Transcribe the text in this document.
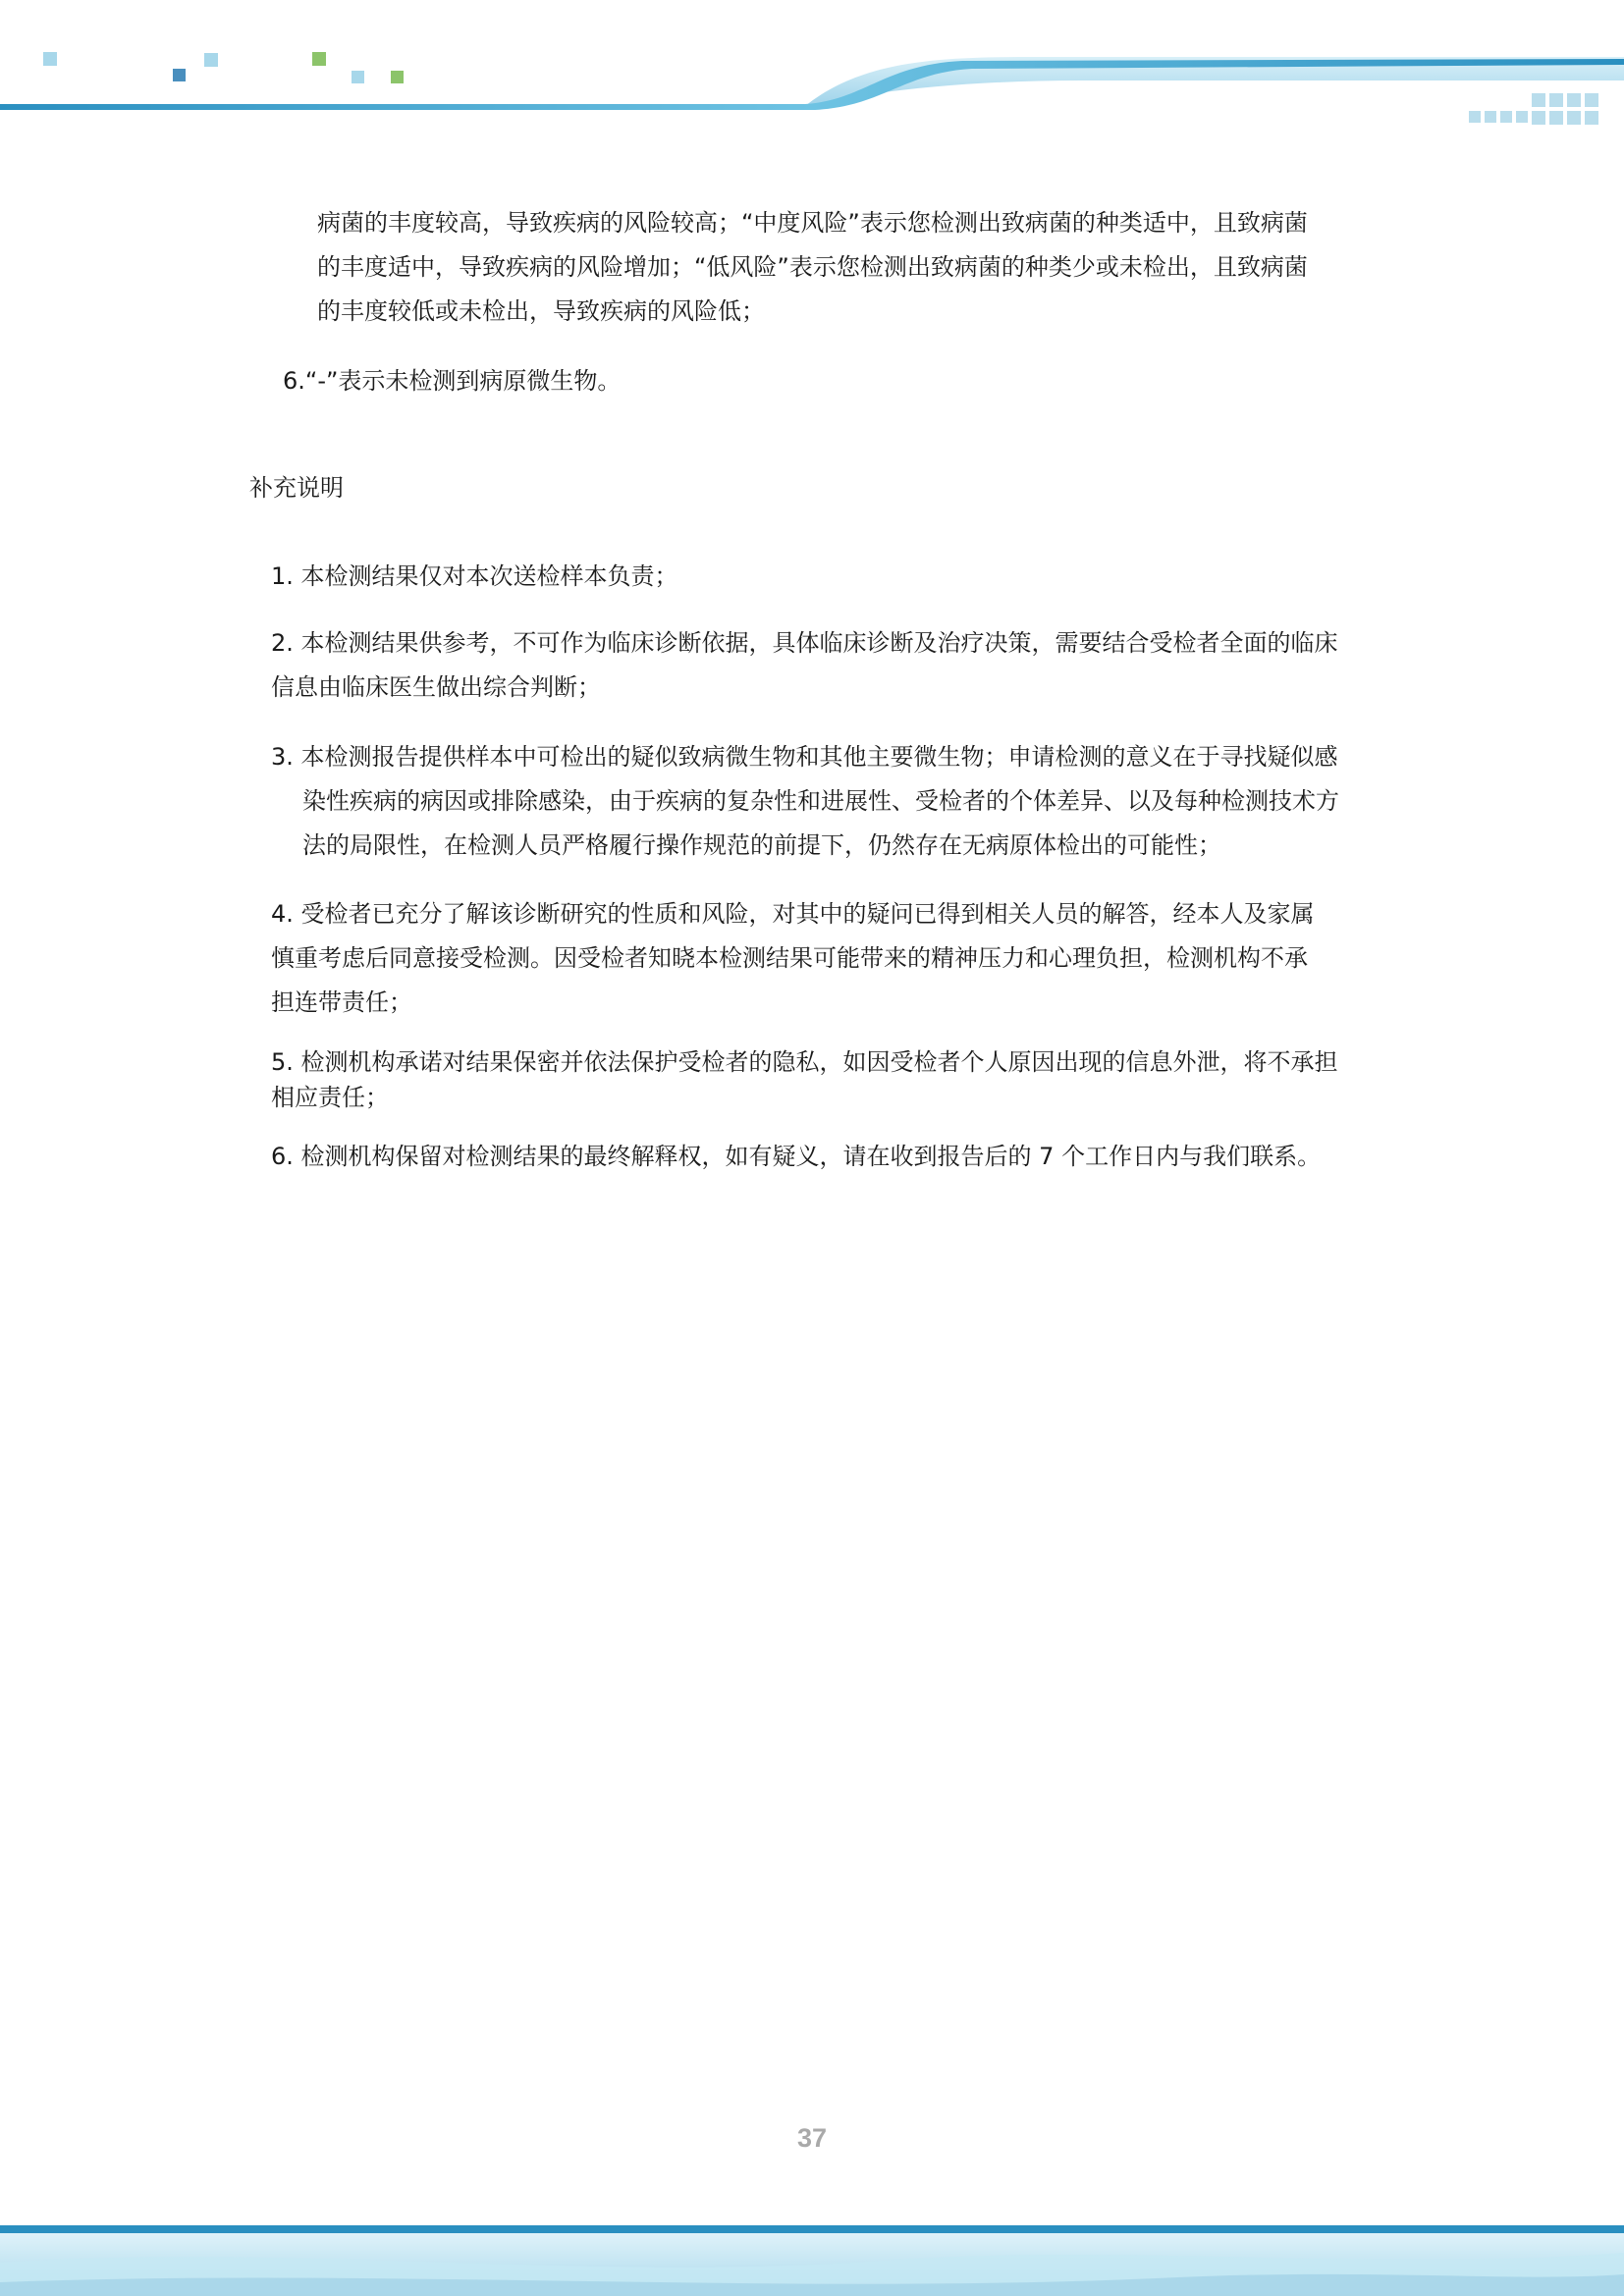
病菌的丰度较高，导致疾病的风险较高；“中度风险”表示您检测出致病菌的种类适中，且致病菌
的丰度适中，导致疾病的风险增加；“低风险”表示您检测出致病菌的种类少或未检出，且致病菌
的丰度较低或未检出，导致疾病的风险低；

6.“-”表示未检测到病原微生物。

补充说明

1. 本检测结果仅对本次送检样本负责；

2. 本检测结果供参考，不可作为临床诊断依据，具体临床诊断及治疗决策，需要结合受检者全面的临床
信息由临床医生做出综合判断；

3. 本检测报告提供样本中可检出的疑似致病微生物和其他主要微生物；申请检测的意义在于寻找疑似感
染性疾病的病因或排除感染，由于疾病的复杂性和进展性、受检者的个体差异、以及每种检测技术方
法的局限性，在检测人员严格履行操作规范的前提下，仍然存在无病原体检出的可能性；

4. 受检者已充分了解该诊断研究的性质和风险，对其中的疑问已得到相关人员的解答，经本人及家属
慎重考虑后同意接受检测。因受检者知晓本检测结果可能带来的精神压力和心理负担，检测机构不承
担连带责任；

5. 检测机构承诺对结果保密并依法保护受检者的隐私，如因受检者个人原因出现的信息外泄，将不承担
相应责任；

6. 检测机构保留对检测结果的最终解释权，如有疑义，请在收到报告后的 7 个工作日内与我们联系。

37
